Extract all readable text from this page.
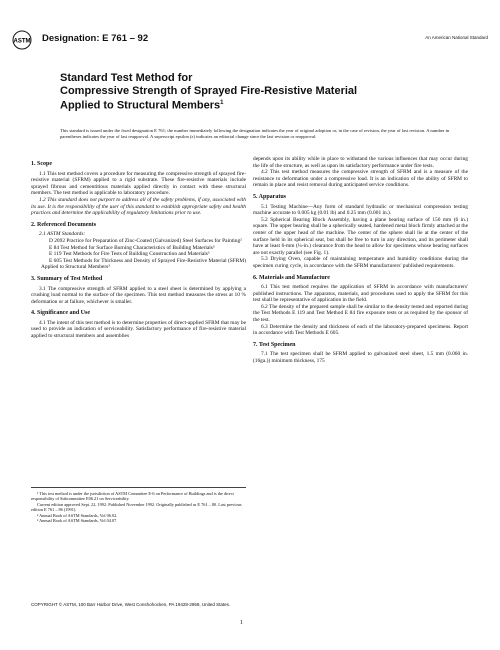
ASTM Designation: E 761 – 92	An American National Standard
Standard Test Method for
Compressive Strength of Sprayed Fire-Resistive Material
Applied to Structural Members$^1$
This standard is issued under the fixed designation E 761; the number immediately following the designation indicates the year of original adoption or, in the case of revision, the year of last revision. A number in parentheses indicates the year of last reapproval. A superscript epsilon (ε) indicates an editorial change since the last revision or reapproval.
1. Scope

1.1 This test method covers a procedure for measuring the compressive strength of sprayed fire-resistive material (SFRM) applied to a rigid substrate. These fire-resistive materials include sprayed fibrous and cementitious materials applied directly in contact with these structural members. The test method is applicable to laboratory procedure.

1.2 This standard does not purport to address all of the safety problems, if any, associated with its use. It is the responsibility of the user of this standard to establish appropriate safety and health practices and determine the applicability of regulatory limitations prior to use.

2. Referenced Documents

2.1 ASTM Standards:

D 2092 Practice for Preparation of Zinc-Coated (Galvanized) Steel Surfaces for Painting²

E 84 Test Method for Surface Burning Characteristics of Building Materials³

E 119 Test Methods for Fire Tests of Building Construction and Materials³

E 605 Test Methods for Thickness and Density of Sprayed Fire-Resistive Material (SFRM) Applied to Structural Members³

3. Summary of Test Method

3.1 The compressive strength of SFRM applied to a steel sheet is determined by applying a crushing load normal to the surface of the specimen. This test method measures the stress at 10 % deformation or at failure, whichever is smaller.

4. Significance and Use

4.1 The intent of this test method is to determine properties of direct-applied SFRM that may be used to provide an indication of serviceability. Satisfactory performance of fire-resistive material applied to structural members and assemblies

depends upon its ability while in place to withstand the various influences that may occur during the life of the structure, as well as upon its satisfactory performance under fire tests.

4.2 This test method measures the compressive strength of SFRM and is a measure of the resistance to deformation under a compressive load. It is an indication of the ability of SFRM to remain in place and resist removal during anticipated service conditions.

5. Apparatus

5.1 Testing Machine—Any form of standard hydraulic or mechanical compression testing machine accurate to 0.005 kg (0.01 lb) and 0.25 mm (0.001 in.).

5.2 Spherical Bearing Block Assembly, having a plane bearing surface of 150 mm (6 in.) square. The upper bearing shall be a spherically seated, hardened metal block firmly attached at the center of the upper head of the machine. The center of the sphere shall lie at the center of the surface held in its spherical seat, but shall be free to turn in any direction, and its perimeter shall have at least 6-mm (¼-in.) clearance from the head to allow for specimens whose bearing surfaces are not exactly parallel (see Fig. 1).

5.3 Drying Oven, capable of maintaining temperature and humidity conditions during the specimen curing cycle, in accordance with the SFRM manufacturers' published requirements.

6. Materials and Manufacture

6.1 This test method requires the application of SFRM in accordance with manufacturers' published instructions. The apparatus, materials, and procedures used to apply the SFRM for this test shall be representative of application in the field.

6.2 The density of the prepared sample shall be similar to the density tested and reported during the Test Methods E 119 and Test Method E 84 fire exposure tests or as required by the sponsor of the test.

6.3 Determine the density and thickness of each of the laboratory-prepared specimens. Report in accordance with Test Methods E 605.

7. Test Specimen

7.1 The test specimen shall be SFRM applied to galvanized steel sheet, 1.5 mm (0.060 in. (16ga.)) minimum thickness, 175

¹ This test method is under the jurisdiction of ASTM Committee E-6 on Performance of Buildings and is the direct responsibility of Subcommittee E06.21 on Serviceability.

Current edition approved Sept. 22, 1992. Published November 1992. Originally published as E 761 – 80. Last previous edition E 761 – 86 (1991).

² Annual Book of ASTM Standards, Vol 06.02.

³ Annual Book of ASTM Standards, Vol 04.07.

COPYRIGHT © ASTM, 100 Barr Harbor Drive, West Conshohocken, PA 19428-2959, United States.
1
